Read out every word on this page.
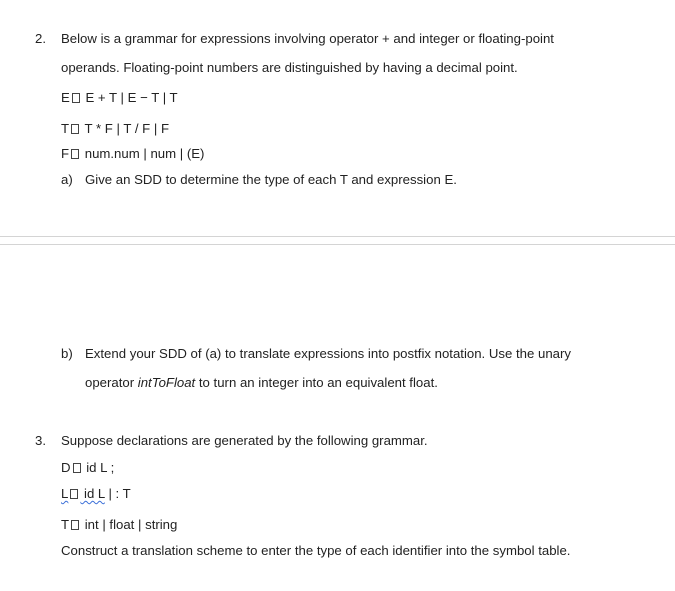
2. Below is a grammar for expressions involving operator + and integer or floating-point
operands. Floating-point numbers are distinguished by having a decimal point.
E E + T | E − T | T
T T * F | T / F | F
F num.num | num | (E)
a) Give an SDD to determine the type of each T and expression E.
b) Extend your SDD of (a) to translate expressions into postfix notation. Use the unary
operator intToFloat to turn an integer into an equivalent float.
3. Suppose declarations are generated by the following grammar.
D id L ;
L id L | : T
T int | float | string
Construct a translation scheme to enter the type of each identifier into the symbol table.
